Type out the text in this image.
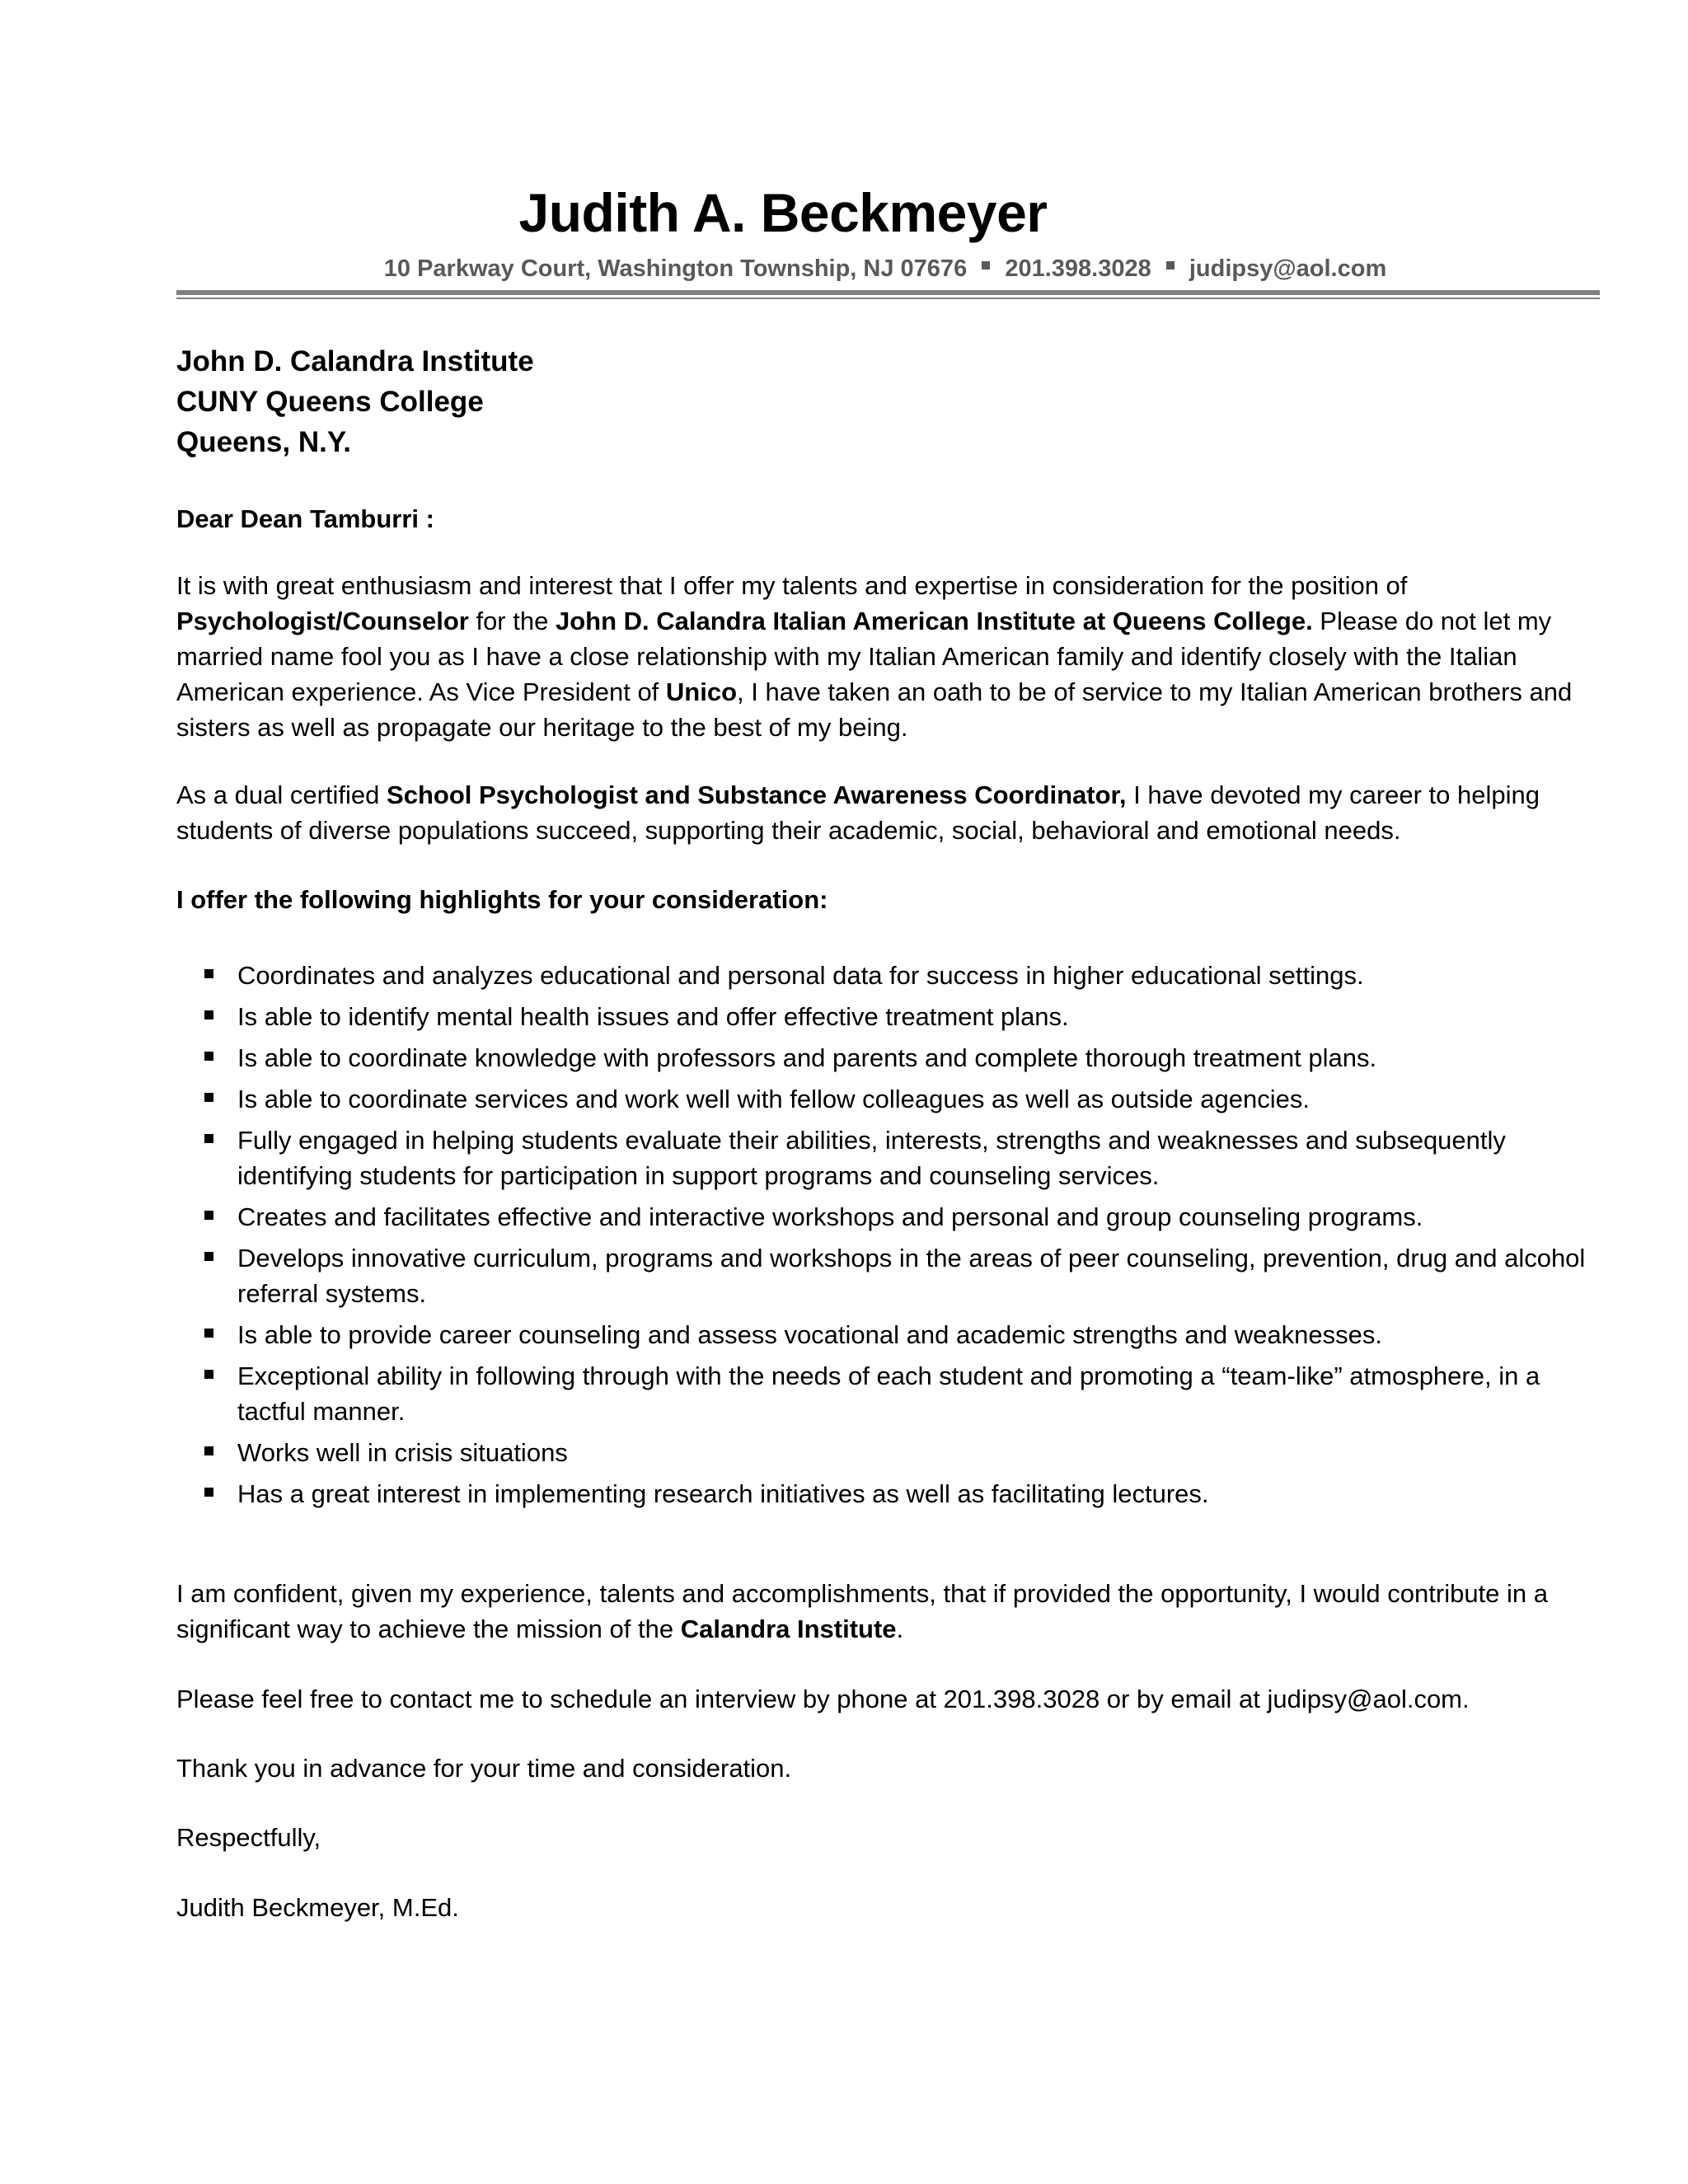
Judith A. Beckmeyer
10 Parkway Court, Washington Township, NJ 07676 201.398.3028 judipsy@aol.com
John D. Calandra Institute
CUNY Queens College
Queens, N.Y.
Dear Dean Tamburri :
It is with great enthusiasm and interest that I offer my talents and expertise in consideration for the position of Psychologist/Counselor for the John D. Calandra Italian American Institute at Queens College. Please do not let my married name fool you as I have a close relationship with my Italian American family and identify closely with the Italian American experience. As Vice President of Unico, I have taken an oath to be of service to my Italian American brothers and sisters as well as propagate our heritage to the best of my being.
As a dual certified School Psychologist and Substance Awareness Coordinator, I have devoted my career to helping students of diverse populations succeed, supporting their academic, social, behavioral and emotional needs.
I offer the following highlights for your consideration:
Coordinates and analyzes educational and personal data for success in higher educational settings.
Is able to identify mental health issues and offer effective treatment plans.
Is able to coordinate knowledge with professors and parents and complete thorough treatment plans.
Is able to coordinate services and work well with fellow colleagues as well as outside agencies.
Fully engaged in helping students evaluate their abilities, interests, strengths and weaknesses and subsequently identifying students for participation in support programs and counseling services.
Creates and facilitates effective and interactive workshops and personal and group counseling programs.
Develops innovative curriculum, programs and workshops in the areas of peer counseling, prevention, drug and alcohol referral systems.
Is able to provide career counseling and assess vocational and academic strengths and weaknesses.
Exceptional ability in following through with the needs of each student and promoting a “team-like” atmosphere, in a tactful manner.
Works well in crisis situations
Has a great interest in implementing research initiatives as well as facilitating lectures.
I am confident, given my experience, talents and accomplishments, that if provided the opportunity, I would contribute in a significant way to achieve the mission of the Calandra Institute.
Please feel free to contact me to schedule an interview by phone at 201.398.3028 or by email at judipsy@aol.com.
Thank you in advance for your time and consideration.
Respectfully,
Judith Beckmeyer, M.Ed.
